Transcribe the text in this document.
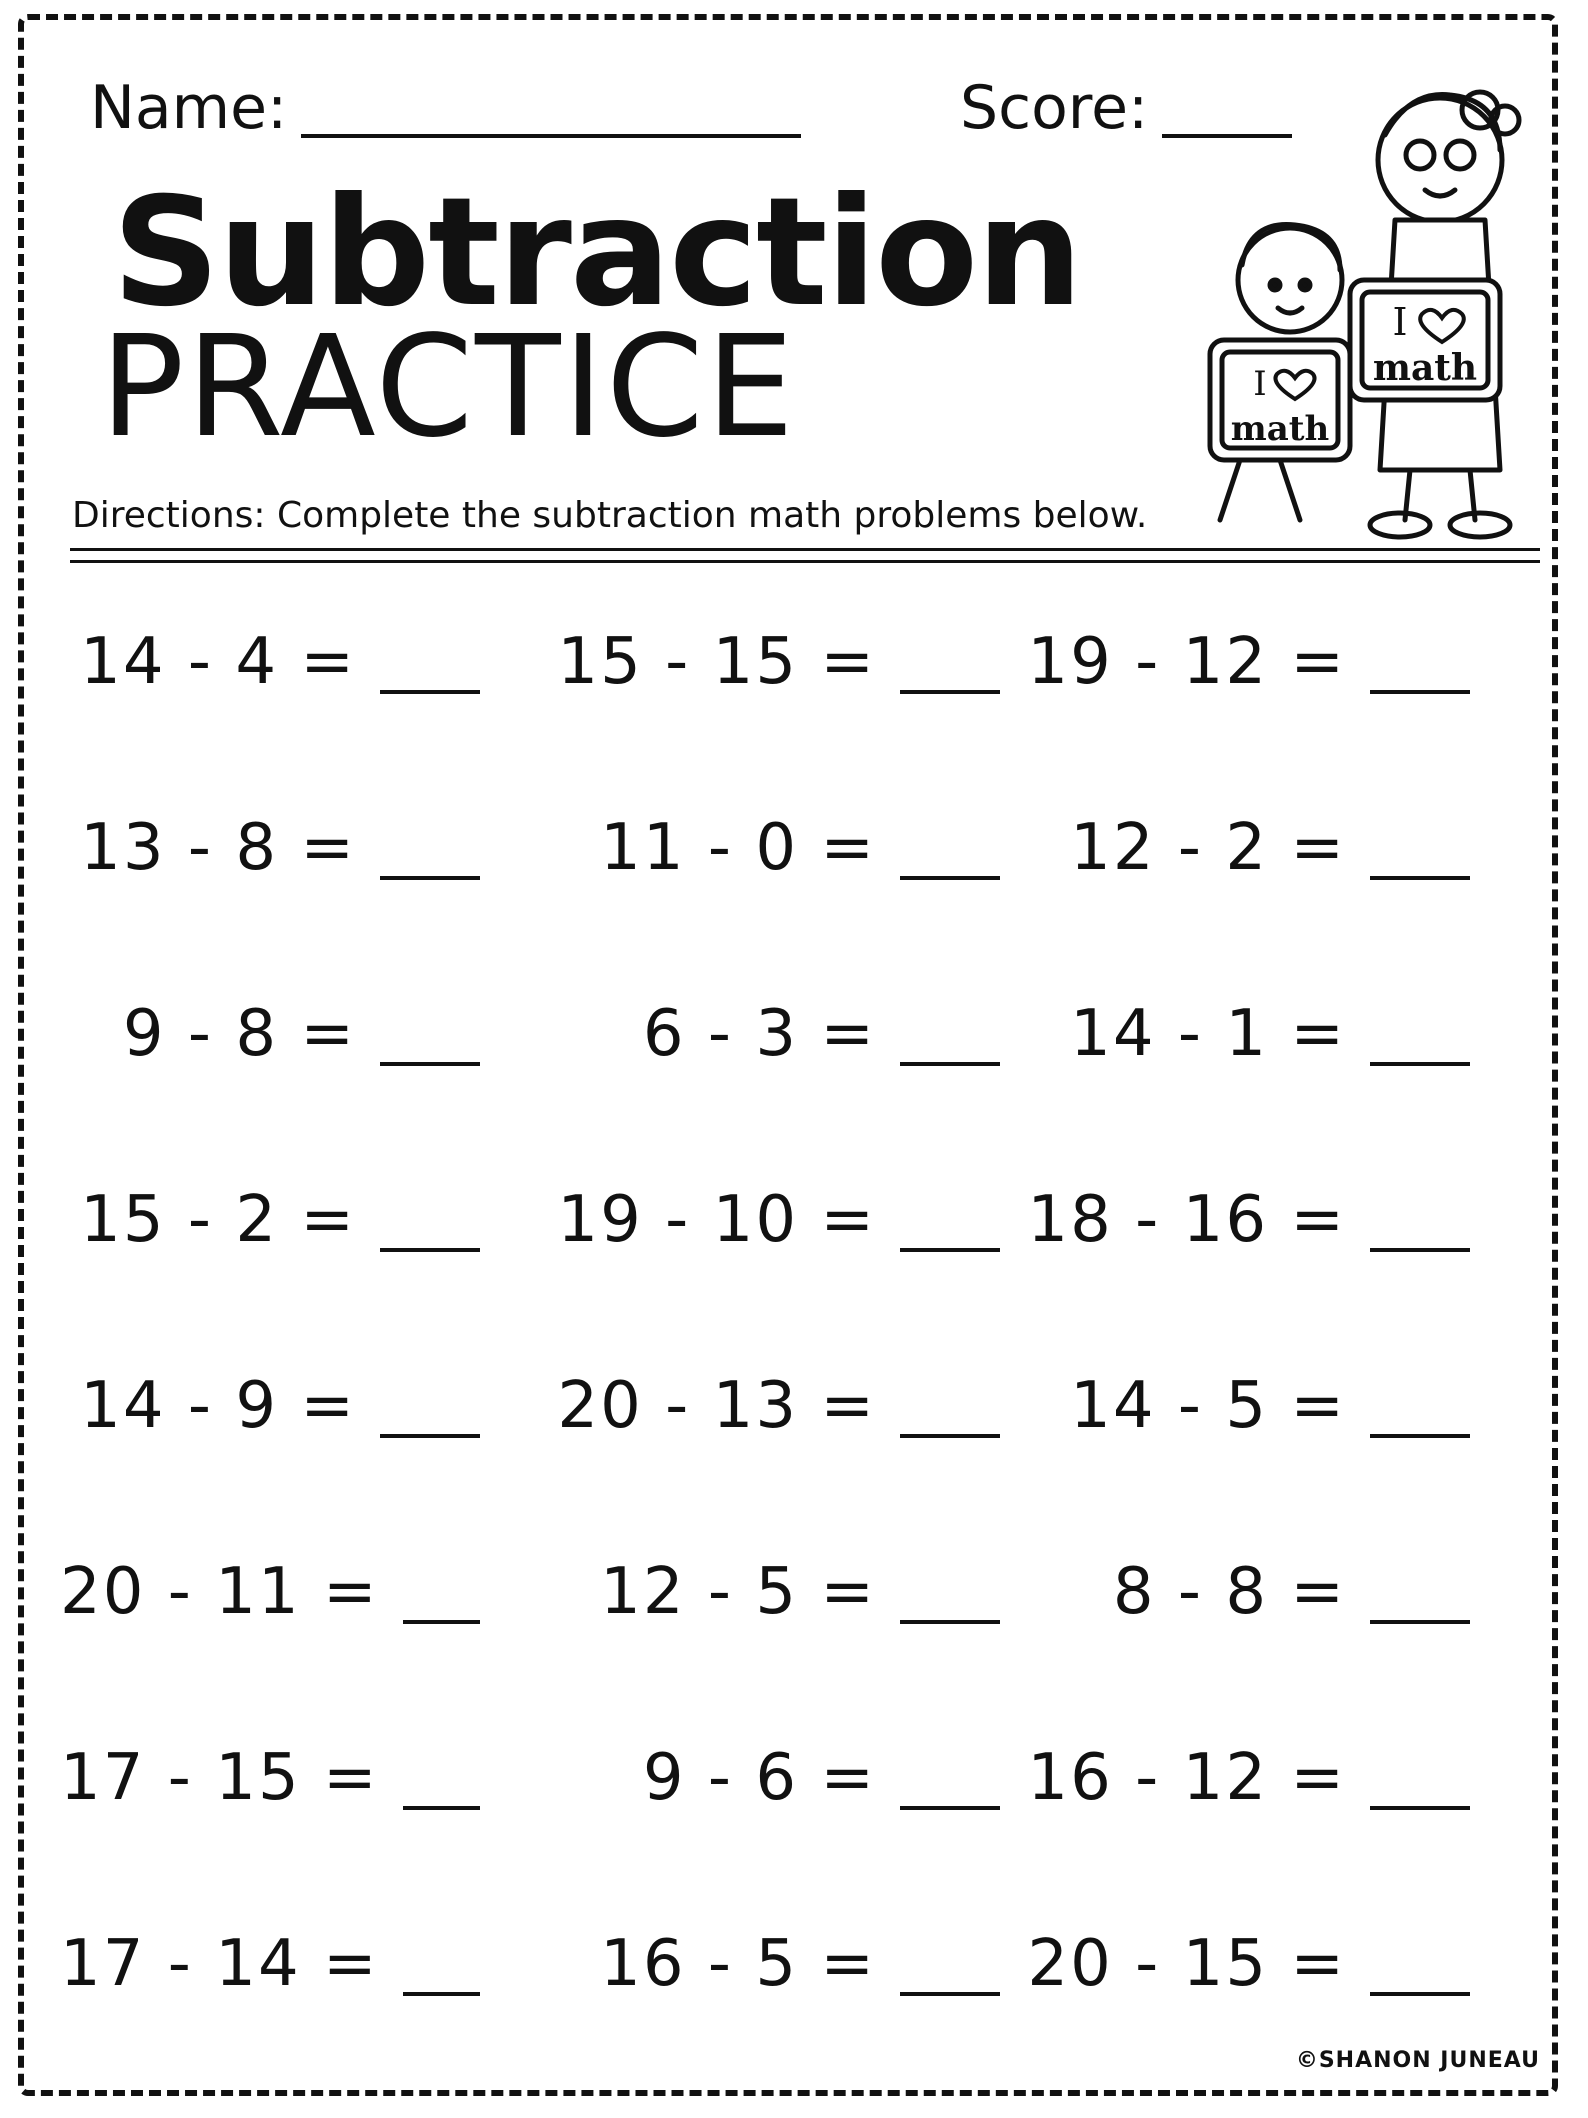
Name:	Score:
Subtraction
PRACTICE	I
math
I
math
Directions: Complete the subtraction math problems below.
14 - 4 =	15 - 15 = 19 - 12 =
13 - 8 =	11 - 0 =	12 - 2 =
9 - 8 =	6 - 3 =	14 - 1 =
15 - 2 =	19 - 10 = 18 - 16 =
14 - 9 =	20 - 13 =	14 - 5 =
20 - 11 =	12 - 5 =	8 - 8 =
17 - 15 =	9 - 6 = 16 - 12 =
17 - 14 =	16 - 5 = 20 - 15 =
©SHANON JUNEAU
